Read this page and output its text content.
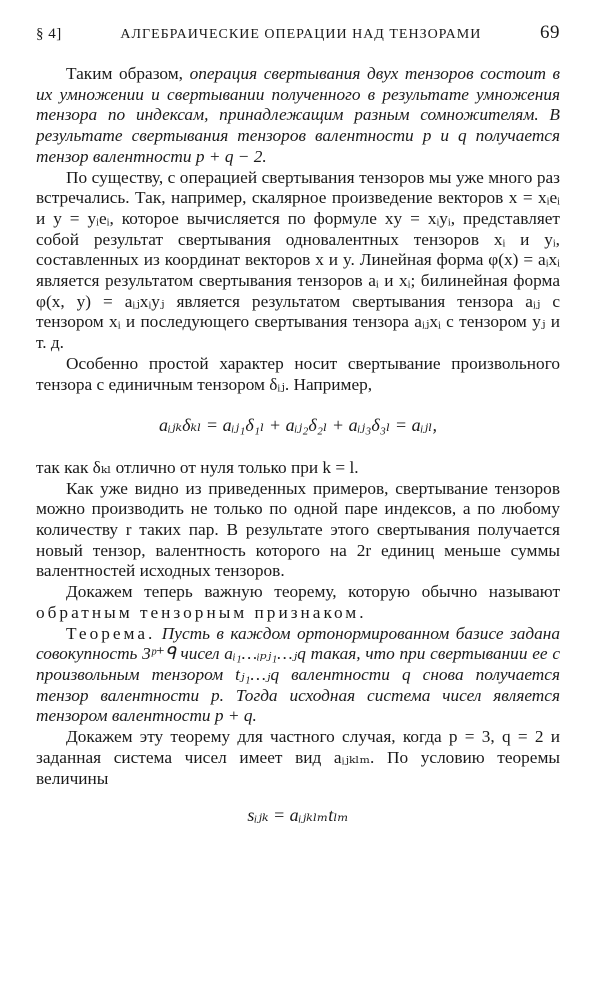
§ 4]	АЛГЕБРАИЧЕСКИЕ ОПЕРАЦИИ НАД ТЕНЗОРАМИ	69

Таким образом, операция свертывания двух тензоров состоит в их умножении и свертывании полученного в результате умножения тензора по индексам, принадлежащим разным сомножителям. В результате свертывания тензоров валентности p и q получается тензор валентности p + q − 2.

По существу, с операцией свертывания тензоров мы уже много раз встречались. Так, например, скалярное произведение векторов x = xᵢeᵢ и y = yᵢeᵢ, которое вычисляется по формуле xy = xᵢyᵢ, представляет собой результат свертывания одновалентных тензоров xᵢ и yᵢ, составленных из координат векторов x и y. Линейная форма φ(x) = aᵢxᵢ является результатом свертывания тензоров aᵢ и xᵢ; билинейная форма φ(x, y) = aᵢⱼxᵢyⱼ является результатом свертывания тензора aᵢⱼ с тензором xᵢ и последующего свертывания тензора aᵢⱼxᵢ с тензором yⱼ и т. д.

Особенно простой характер носит свертывание произвольного тензора с единичным тензором δᵢⱼ. Например,

aᵢⱼₖδₖₗ = aᵢⱼ₁δ₁ₗ + aᵢⱼ₂δ₂ₗ + aᵢⱼ₃δ₃ₗ = aᵢⱼₗ,

так как δₖₗ отлично от нуля только при k = l.

Как уже видно из приведенных примеров, свертывание тензоров можно производить не только по одной паре индексов, а по любому количеству r таких пар. В результате этого свертывания получается новый тензор, валентность которого на 2r единиц меньше суммы валентностей исходных тензоров.

Докажем теперь важную теорему, которую обычно называют обратным тензорным признаком.

Теорема. Пусть в каждом ортонормированном базисе задана совокупность 3ᵖ⁺ᑫ чисел aᵢ₁…ᵢₚⱼ₁…ⱼq такая, что при свертывании ее с произвольным тензором tⱼ₁…ⱼq валентности q снова получается тензор валентности p. Тогда исходная система чисел является тензором валентности p + q.

Докажем эту теорему для частного случая, когда p = 3, q = 2 и заданная система чисел имеет вид aᵢⱼₖₗₘ. По условию теоремы величины

sᵢⱼₖ = aᵢⱼₖₗₘtₗₘ
